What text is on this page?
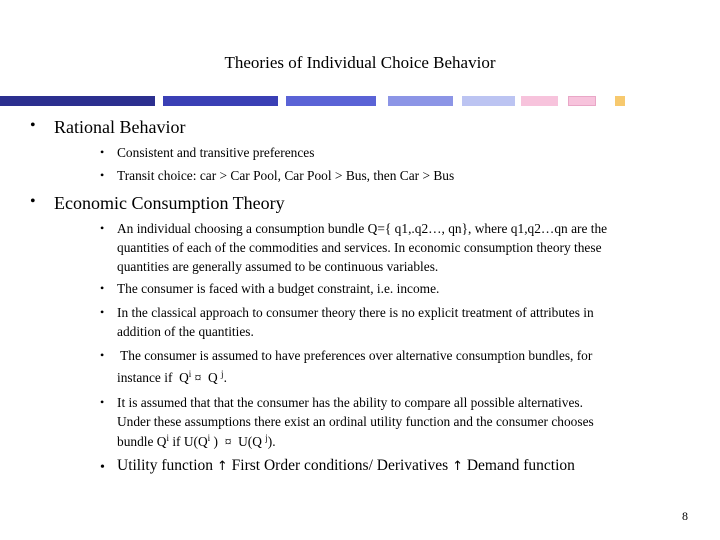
Theories of Individual Choice Behavior
• Rational Behavior
• Consistent and transitive preferences
• Transit choice: car > Car Pool, Car Pool > Bus, then Car > Bus
• Economic Consumption Theory
• An individual choosing a consumption bundle Q={ q1,.q2…, qn}, where q1,q2…qn are the
quantities of each of the commodities and services. In economic consumption theory these
quantities are generally assumed to be continuous variables.
• The consumer is faced with a budget constraint, i.e. income.
• In the classical approach to consumer theory there is no explicit treatment of attributes in
addition of the quantities.
• The consumer is assumed to have preferences over alternative consumption bundles, for
instance if  $Q^i$ ¤  Q $^j$.
• It is assumed that that the consumer has the ability to compare all possible alternatives.
Under these assumptions there exist an ordinal utility function and the consumer chooses
bundle $Q^i$ if $U(Q^i$ )  ¤  U(Q $^j$).
• Utility function ↑ First Order conditions/ Derivatives ↑ Demand function
8
